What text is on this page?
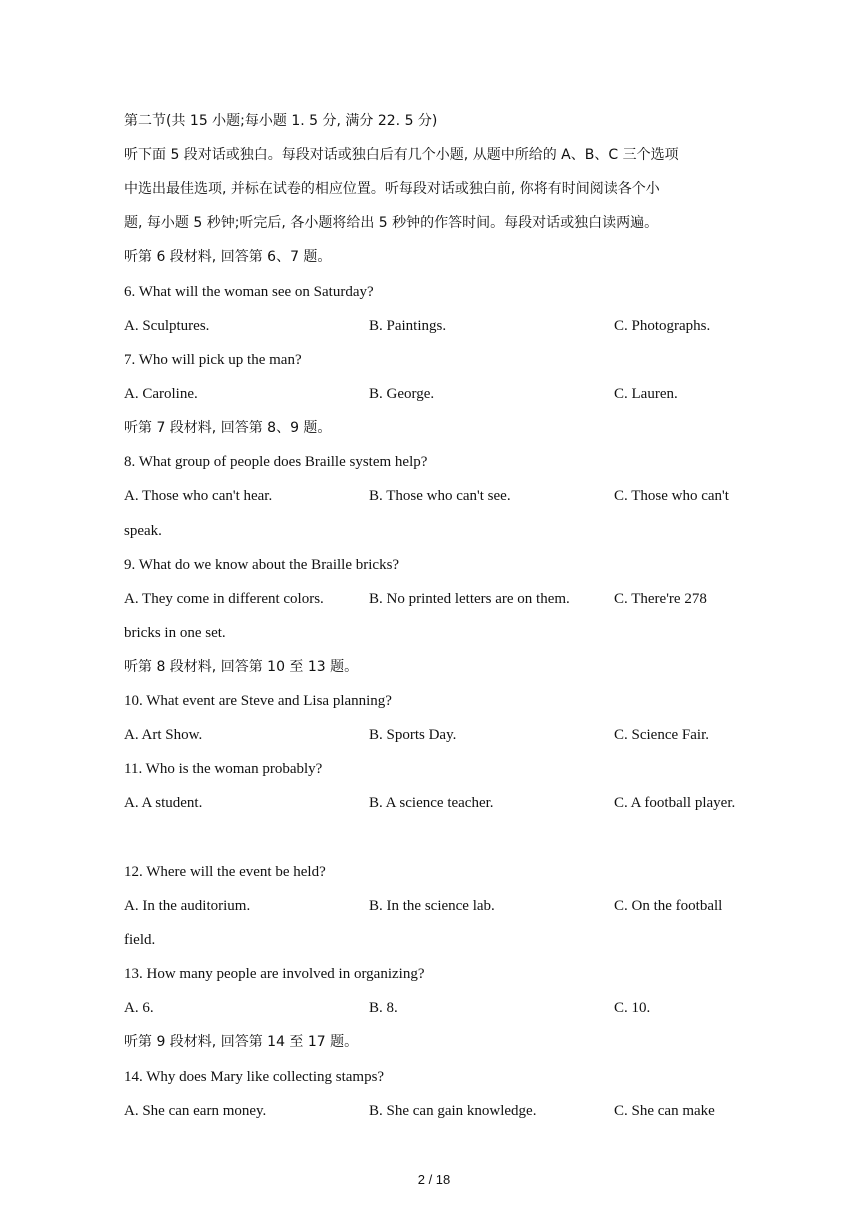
第二节(共 15 小题;每小题 1. 5 分, 满分 22. 5 分)
听下面 5 段对话或独白。每段对话或独白后有几个小题, 从题中所给的 A、B、C 三个选项
中选出最佳选项, 并标在试卷的相应位置。听每段对话或独白前, 你将有时间阅读各个小
题, 每小题 5 秒钟;听完后, 各小题将给出 5 秒钟的作答时间。每段对话或独白读两遍。
听第 6 段材料, 回答第 6、7 题。
6. What will the woman see on Saturday?
A. Sculptures.	B. Paintings.	C. Photographs.
7. Who will pick up the man?
A. Caroline.	B. George.	C. Lauren.
听第 7 段材料, 回答第 8、9 题。
8. What group of people does Braille system help?
A. Those who can't hear.	B. Those who can't see.	C. Those who can't
speak.
9. What do we know about the Braille bricks?
A. They come in different colors.	B. No printed letters are on them.	C. There're 278
bricks in one set.
听第 8 段材料, 回答第 10 至 13 题。
10. What event are Steve and Lisa planning?
A. Art Show.	B. Sports Day.	C. Science Fair.
11. Who is the woman probably?
A. A student.	B. A science teacher.	C. A football player.
12. Where will the event be held?
A. In the auditorium.	B. In the science lab.	C. On the football
field.
13. How many people are involved in organizing?
A. 6.	B. 8.	C. 10.
听第 9 段材料, 回答第 14 至 17 题。
14. Why does Mary like collecting stamps?
A. She can earn money.	B. She can gain knowledge.	C. She can make
2 / 18
